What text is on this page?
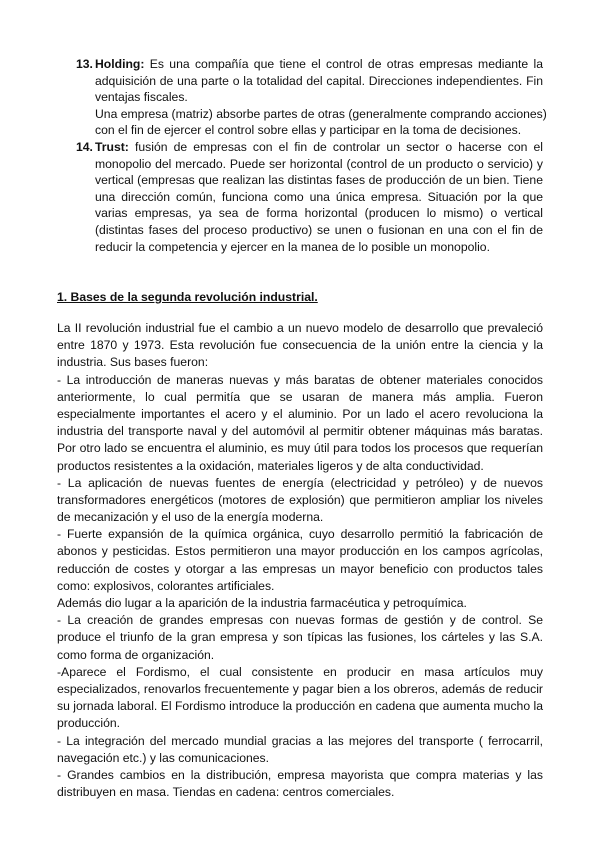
13. Holding: Es una compañía que tiene el control de otras empresas mediante la
adquisición de una parte o la totalidad del capital. Direcciones independientes. Fin
ventajas fiscales.
Una empresa (matriz) absorbe partes de otras (generalmente comprando acciones)
con el fin de ejercer el control sobre ellas y participar en la toma de decisiones.
14. Trust: fusión de empresas con el fin de controlar un sector o hacerse con el
monopolio del mercado. Puede ser horizontal (control de un producto o servicio) y
vertical (empresas que realizan las distintas fases de producción de un bien. Tiene
una dirección común, funciona como una única empresa. Situación por la que
varias empresas, ya sea de forma horizontal (producen lo mismo) o vertical
(distintas fases del proceso productivo) se unen o fusionan en una con el fin de
reducir la competencia y ejercer en la manea de lo posible un monopolio.
1. Bases de la segunda revolución industrial.
La II revolución industrial fue el cambio a un nuevo modelo de desarrollo que prevaleció
entre 1870 y 1973. Esta revolución fue consecuencia de la unión entre la ciencia y la
industria. Sus bases fueron:
- La introducción de maneras nuevas y más baratas de obtener materiales conocidos
anteriormente, lo cual permitía que se usaran de manera más amplia. Fueron
especialmente importantes el acero y el aluminio. Por un lado el acero revoluciona la
industria del transporte naval y del automóvil al permitir obtener máquinas más baratas.
Por otro lado se encuentra el aluminio, es muy útil para todos los procesos que requerían
productos resistentes a la oxidación, materiales ligeros y de alta conductividad.
- La aplicación de nuevas fuentes de energía (electricidad y petróleo) y de nuevos
transformadores energéticos (motores de explosión) que permitieron ampliar los niveles
de mecanización y el uso de la energía moderna.
- Fuerte expansión de la química orgánica, cuyo desarrollo permitió la fabricación de
abonos y pesticidas. Estos permitieron una mayor producción en los campos agrícolas,
reducción de costes y otorgar a las empresas un mayor beneficio con productos tales
como: explosivos, colorantes artificiales.
Además dio lugar a la aparición de la industria farmacéutica y petroquímica.
- La creación de grandes empresas con nuevas formas de gestión y de control. Se
produce el triunfo de la gran empresa y son típicas las fusiones, los cárteles y las S.A.
como forma de organización.
-Aparece el Fordismo, el cual consistente en producir en masa artículos muy
especializados, renovarlos frecuentemente y pagar bien a los obreros, además de reducir
su jornada laboral. El Fordismo introduce la producción en cadena que aumenta mucho la
producción.
- La integración del mercado mundial gracias a las mejores del transporte ( ferrocarril,
navegación etc.) y las comunicaciones.
- Grandes cambios en la distribución, empresa mayorista que compra materias y las
distribuyen en masa. Tiendas en cadena: centros comerciales.
